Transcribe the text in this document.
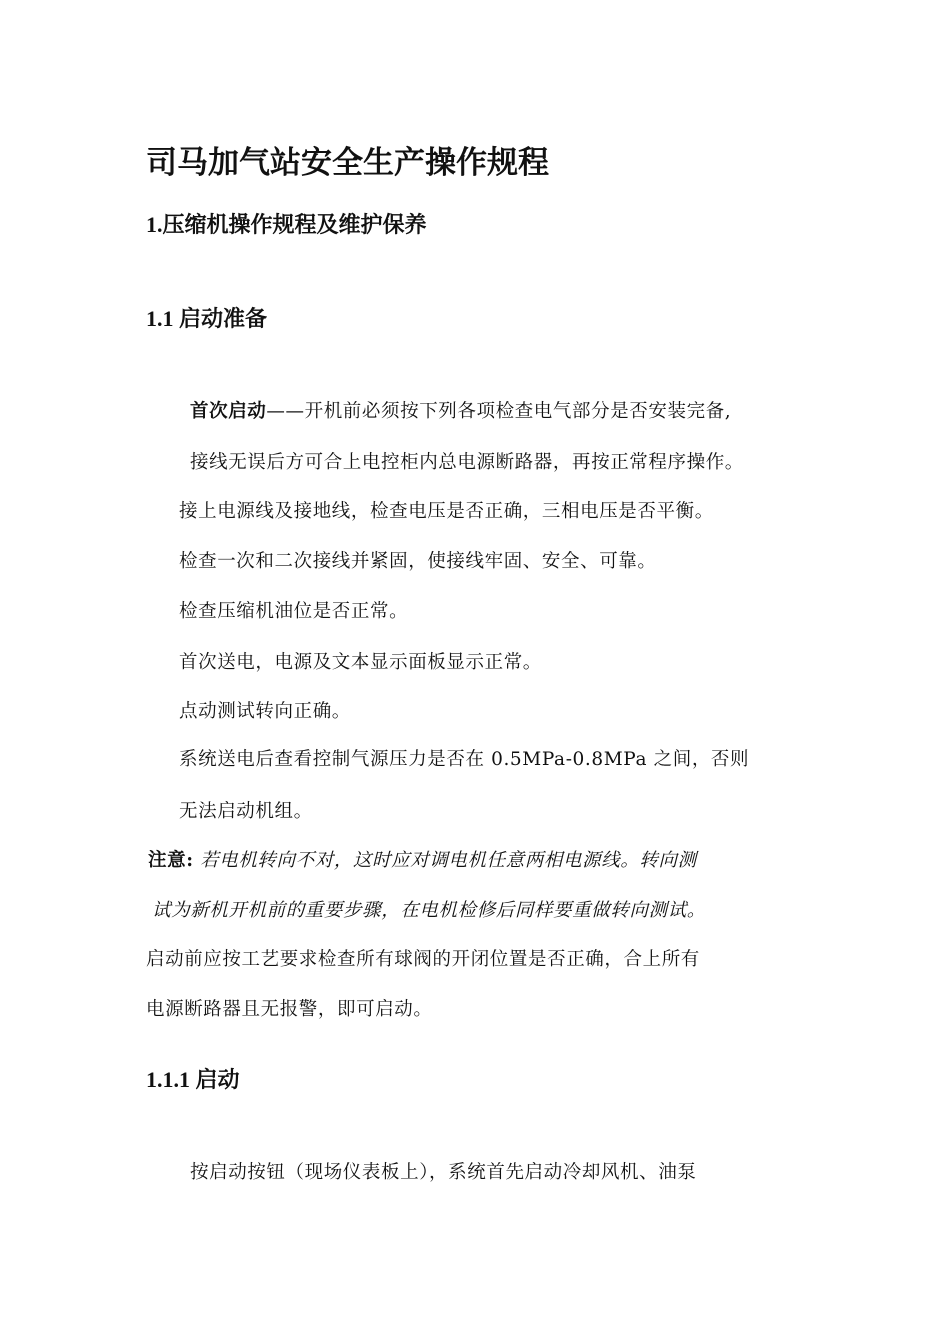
司马加气站安全生产操作规程
1.压缩机操作规程及维护保养
1.1 启动准备
首次启动——开机前必须按下列各项检查电气部分是否安装完备,
接线无误后方可合上电控柜内总电源断路器，再按正常程序操作。
接上电源线及接地线，检查电压是否正确，三相电压是否平衡。
检查一次和二次接线并紧固，使接线牢固、安全、可靠。
检查压缩机油位是否正常。
首次送电，电源及文本显示面板显示正常。
点动测试转向正确。
系统送电后查看控制气源压力是否在 0.5MPa-0.8MPa 之间，否则
无法启动机组。
注意: 若电机转向不对，这时应对调电机任意两相电源线。转向测
试为新机开机前的重要步骤，在电机检修后同样要重做转向测试。
启动前应按工艺要求检查所有球阀的开闭位置是否正确，合上所有
电源断路器且无报警，即可启动。
1.1.1 启动
按启动按钮（现场仪表板上），系统首先启动冷却风机、油泵
